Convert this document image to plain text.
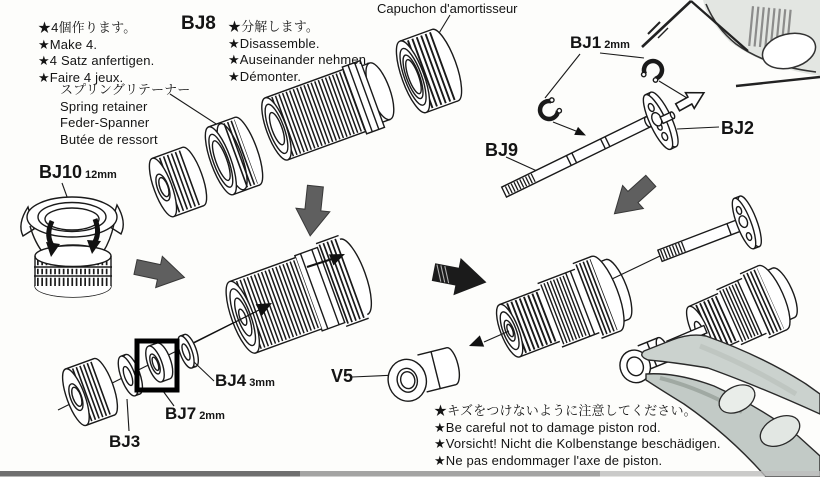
★4個作ります。
★Make 4.
★4 Satz anfertigen.
★Faire 4 jeux.
BJ8 ★分解します。
★Disassemble.
★Auseinander nehmen.
★Démonter.
Capuchon d'amortisseur
スプリングリテーナー
Spring retainer
Feder-Spanner
Butée de ressort
BJ10 12mm
BJ1 2mm
BJ2
BJ9
V5
BJ4 3mm
BJ7 2mm
BJ3
★キズをつけないように注意してください。
★Be careful not to damage piston rod.
★Vorsicht! Nicht die Kolbenstange beschädigen.
★Ne pas endommager l'axe de piston.
